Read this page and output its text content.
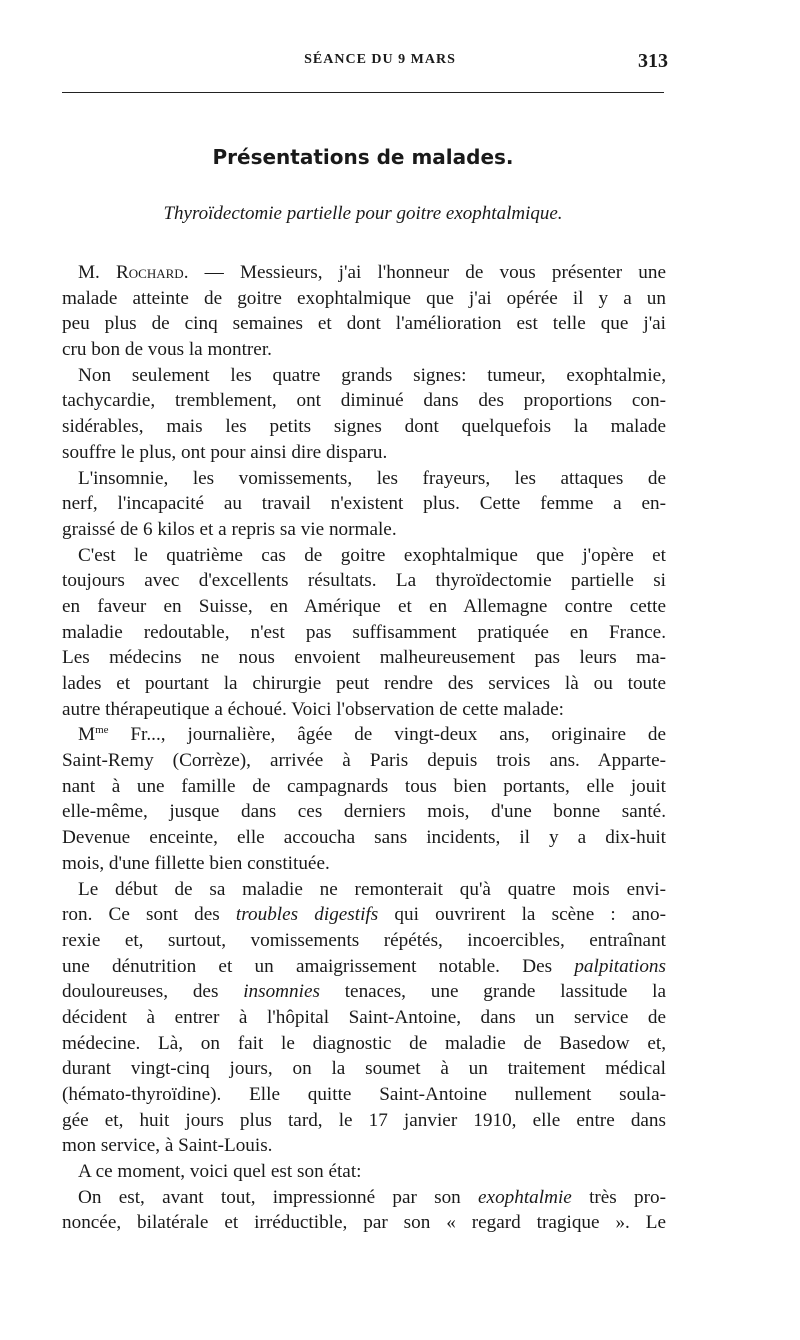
SÉANCE DU 9 MARS	313
Présentations de malades.
Thyroïdectomie partielle pour goitre exophtalmique.
M. Rochard. — Messieurs, j'ai l'honneur de vous présenter une
malade atteinte de goitre exophtalmique que j'ai opérée il y a un
peu plus de cinq semaines et dont l'amélioration est telle que j'ai
cru bon de vous la montrer.
Non seulement les quatre grands signes: tumeur, exophtalmie,
tachycardie, tremblement, ont diminué dans des proportions con-
sidérables, mais les petits signes dont quelquefois la malade
souffre le plus, ont pour ainsi dire disparu.
L'insomnie, les vomissements, les frayeurs, les attaques de
nerf, l'incapacité au travail n'existent plus. Cette femme a en-
graissé de 6 kilos et a repris sa vie normale.
C'est le quatrième cas de goitre exophtalmique que j'opère et
toujours avec d'excellents résultats. La thyroïdectomie partielle si
en faveur en Suisse, en Amérique et en Allemagne contre cette
maladie redoutable, n'est pas suffisamment pratiquée en France.
Les médecins ne nous envoient malheureusement pas leurs ma-
lades et pourtant la chirurgie peut rendre des services là ou toute
autre thérapeutique a échoué. Voici l'observation de cette malade:
$M^{me}$ Fr..., journalière, âgée de vingt-deux ans, originaire de
Saint-Remy (Corrèze), arrivée à Paris depuis trois ans. Apparte-
nant à une famille de campagnards tous bien portants, elle jouit
elle-même, jusque dans ces derniers mois, d'une bonne santé.
Devenue enceinte, elle accoucha sans incidents, il y a dix-huit
mois, d'une fillette bien constituée.
Le début de sa maladie ne remonterait qu'à quatre mois envi-
ron. Ce sont des troubles digestifs qui ouvrirent la scène : ano-
rexie et, surtout, vomissements répétés, incoercibles, entraînant
une dénutrition et un amaigrissement notable. Des palpitations
douloureuses, des insomnies tenaces, une grande lassitude la
décident à entrer à l'hôpital Saint-Antoine, dans un service de
médecine. Là, on fait le diagnostic de maladie de Basedow et,
durant vingt-cinq jours, on la soumet à un traitement médical
(hémato-thyroïdine). Elle quitte Saint-Antoine nullement soula-
gée et, huit jours plus tard, le 17 janvier 1910, elle entre dans
mon service, à Saint-Louis.
A ce moment, voici quel est son état:
On est, avant tout, impressionné par son exophtalmie très pro-
noncée, bilatérale et irréductible, par son « regard tragique ». Le
